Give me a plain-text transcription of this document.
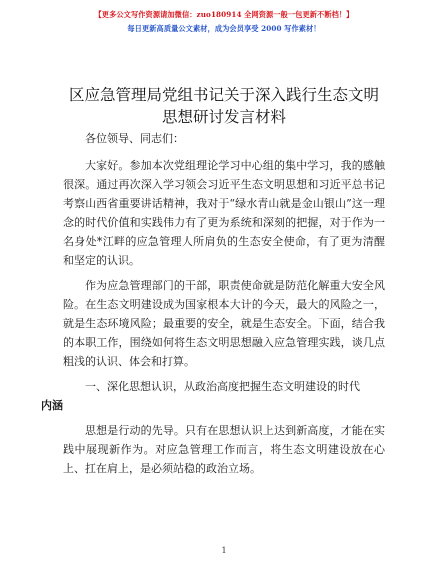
【更多公文写作资源请加微信：zuo180914 全网资源一般一包更新不断档！】
每日更新高质量公文素材，成为会员享受 2000 写作素材！
区应急管理局党组书记关于深入践行生态文明
思想研讨发言材料

各位领导、同志们：

大家好。参加本次党组理论学习中心组的集中学习，我的感触很深。通过再次深入学习领会习近平生态文明思想和习近平总书记考察山西省重要讲话精神，我对于“绿水青山就是金山银山”这一理念的时代价值和实践伟力有了更为系统和深刻的把握，对于作为一名身处*江畔的应急管理人所肩负的生态安全使命，有了更为清醒和坚定的认识。

作为应急管理部门的干部，职责使命就是防范化解重大安全风险。在生态文明建设成为国家根本大计的今天，最大的风险之一，就是生态环境风险；最重要的安全，就是生态安全。下面，结合我的本职工作，围绕如何将生态文明思想融入应急管理实践，谈几点粗浅的认识、体会和打算。

一、深化思想认识，从政治高度把握生态文明建设的时代
内涵

思想是行动的先导。只有在思想认识上达到新高度，才能在实践中展现新作为。对应急管理工作而言，将生态文明建设放在心上、扛在肩上，是必须站稳的政治立场。

1
